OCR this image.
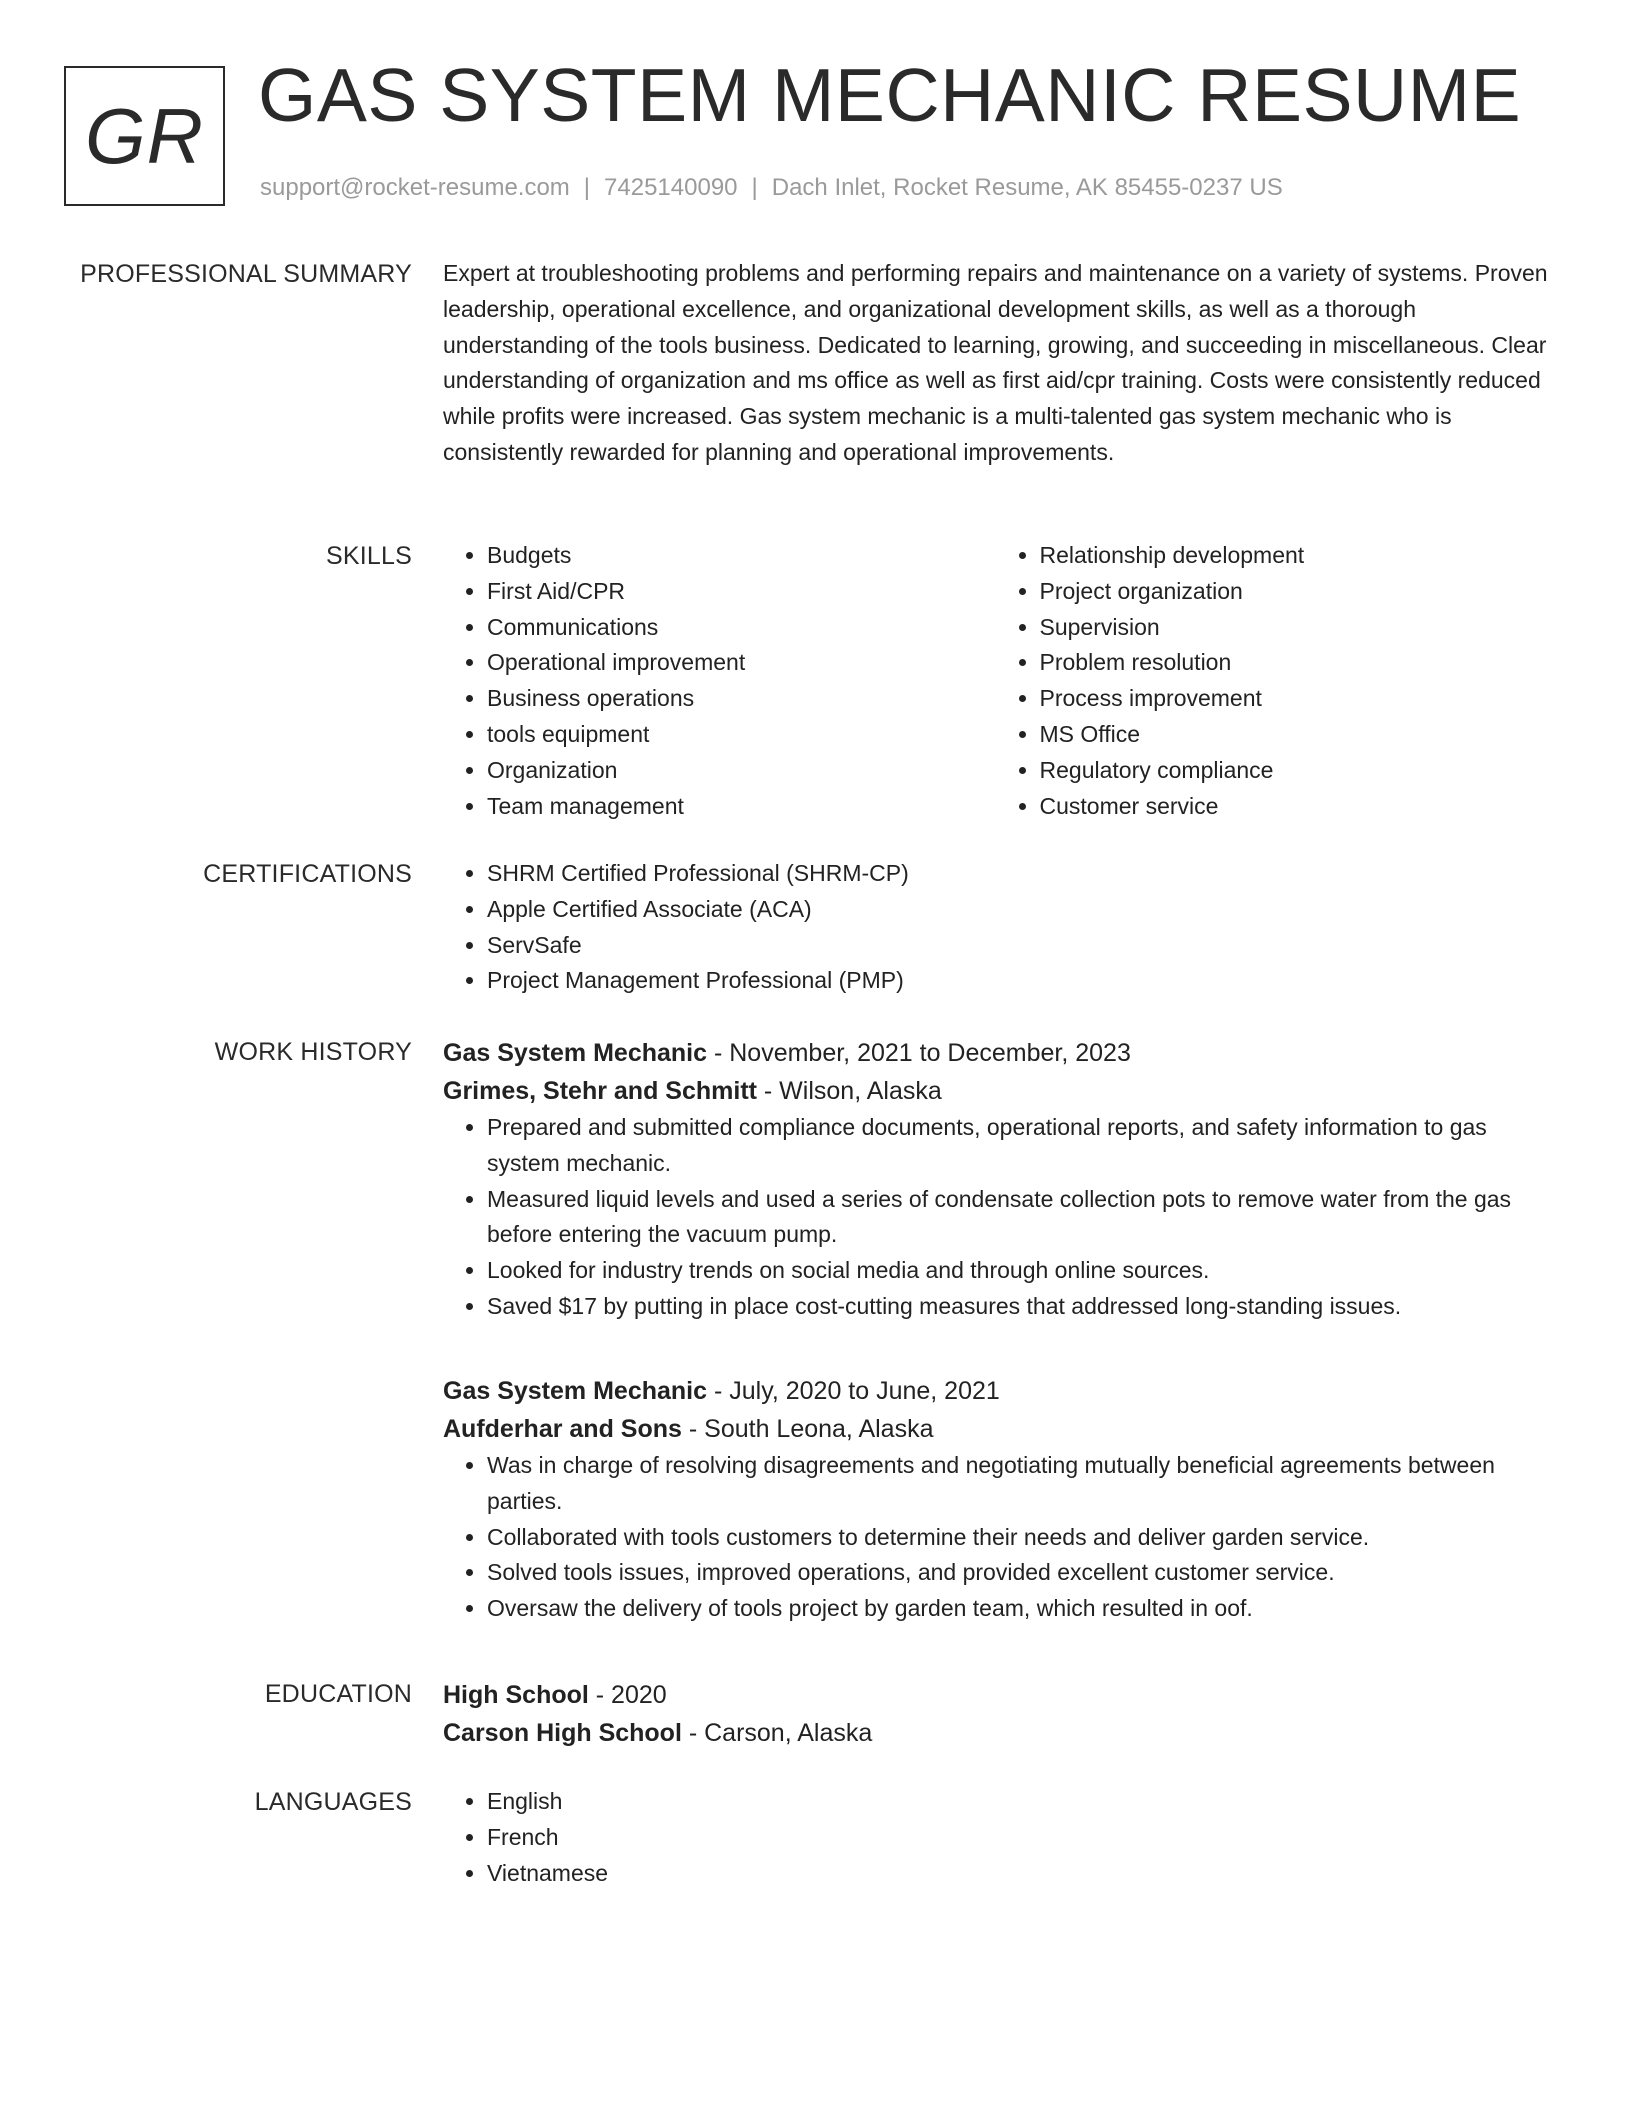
GR GAS SYSTEM MECHANIC RESUME
support@rocket-resume.com | 7425140090 | Dach Inlet, Rocket Resume, AK 85455-0237 US
PROFESSIONAL SUMMARY Expert at troubleshooting problems and performing repairs and maintenance on a variety of systems. Proven leadership, operational excellence, and organizational development skills, as well as a thorough understanding of the tools business. Dedicated to learning, growing, and succeeding in miscellaneous. Clear understanding of organization and ms office as well as first aid/cpr training. Costs were consistently reduced while profits were increased. Gas system mechanic is a multi-talented gas system mechanic who is consistently rewarded for planning and operational improvements.

SKILLS	• Budgets
• First Aid/CPR
• Communications
• Operational improvement
• Business operations
• tools equipment
• Organization
• Team management
• Relationship development
• Project organization
• Supervision
• Problem resolution
• Process improvement
• MS Office
• Regulatory compliance
• Customer service
CERTIFICATIONS	• SHRM Certified Professional (SHRM-CP)
• Apple Certified Associate (ACA)
• ServSafe
• Project Management Professional (PMP)
WORK HISTORY Gas System Mechanic - November, 2021 to December, 2023
Grimes, Stehr and Schmitt - Wilson, Alaska
• Prepared and submitted compliance documents, operational reports, and safety information to gas system mechanic.
• Measured liquid levels and used a series of condensate collection pots to remove water from the gas before entering the vacuum pump.
• Looked for industry trends on social media and through online sources.
• Saved $17 by putting in place cost-cutting measures that addressed long-standing issues.
Gas System Mechanic - July, 2020 to June, 2021
Aufderhar and Sons - South Leona, Alaska
• Was in charge of resolving disagreements and negotiating mutually beneficial agreements between parties.
• Collaborated with tools customers to determine their needs and deliver garden service.
• Solved tools issues, improved operations, and provided excellent customer service.
• Oversaw the delivery of tools project by garden team, which resulted in oof.
EDUCATION High School - 2020
Carson High School - Carson, Alaska
LANGUAGES	• English
• French
• Vietnamese
